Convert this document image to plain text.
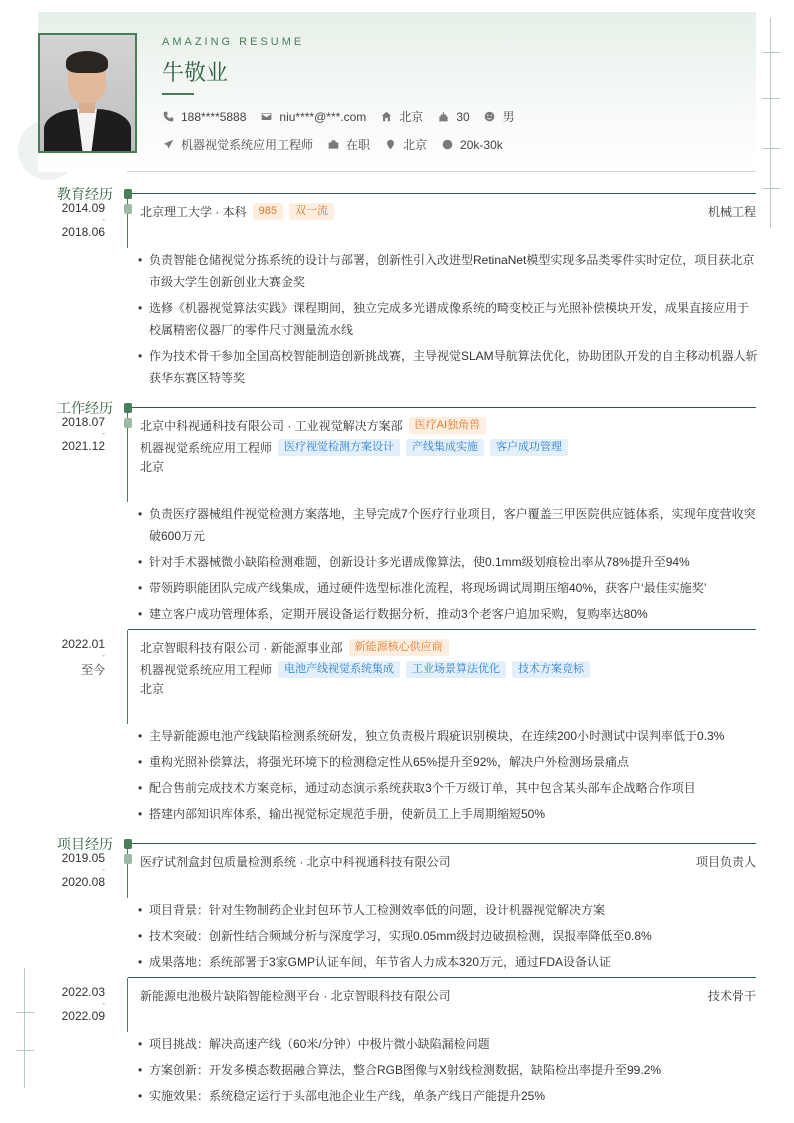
AMAZING RESUME
牛敬业
188****5888	niu****@***.com	北京	30	男
机器视觉系统应用工程师	在职	北京	20k-30k
教育经历
2014.09
-
2018.06
北京理工大学 · 本科	985	双一流	机械工程
• 负责智能仓储视觉分拣系统的设计与部署，创新性引入改进型RetinaNet模型实现多品类零件实时定位，项目获北京市级大学生创新创业大赛金奖
• 选修《机器视觉算法实践》课程期间，独立完成多光谱成像系统的畸变校正与光照补偿模块开发，成果直接应用于校属精密仪器厂的零件尺寸测量流水线
• 作为技术骨干参加全国高校智能制造创新挑战赛，主导视觉SLAM导航算法优化，协助团队开发的自主移动机器人斩获华东赛区特等奖
工作经历
2018.07
-
2021.12
北京中科视通科技有限公司 · 工业视觉解决方案部	医疗AI独角兽
机器视觉系统应用工程师	医疗视觉检测方案设计	产线集成实施	客户成功管理
北京
• 负责医疗器械组件视觉检测方案落地，主导完成7个医疗行业项目，客户覆盖三甲医院供应链体系，实现年度营收突破600万元
• 针对手术器械微小缺陷检测难题，创新设计多光谱成像算法，使0.1mm级划痕检出率从78%提升至94%
• 带领跨职能团队完成产线集成，通过硬件选型标准化流程，将现场调试周期压缩40%，获客户‘最佳实施奖’
• 建立客户成功管理体系，定期开展设备运行数据分析，推动3个老客户追加采购，复购率达80%
2022.01
-
至今
北京智眼科技有限公司 · 新能源事业部	新能源核心供应商
机器视觉系统应用工程师	电池产线视觉系统集成	工业场景算法优化	技术方案竞标
北京
• 主导新能源电池产线缺陷检测系统研发，独立负责极片瑕疵识别模块，在连续200小时测试中误判率低于0.3%
• 重构光照补偿算法，将强光环境下的检测稳定性从65%提升至92%，解决户外检测场景痛点
• 配合售前完成技术方案竞标，通过动态演示系统获取3个千万级订单，其中包含某头部车企战略合作项目
• 搭建内部知识库体系，输出视觉标定规范手册，使新员工上手周期缩短50%
项目经历
2019.05
-
2020.08
医疗试剂盒封包质量检测系统 · 北京中科视通科技有限公司	项目负责人
• 项目背景：针对生物制药企业封包环节人工检测效率低的问题，设计机器视觉解决方案
• 技术突破：创新性结合频域分析与深度学习，实现0.05mm级封边破损检测，误报率降低至0.8%
• 成果落地：系统部署于3家GMP认证车间，年节省人力成本320万元，通过FDA设备认证
2022.03
-
2022.09
新能源电池极片缺陷智能检测平台 · 北京智眼科技有限公司	技术骨干
• 项目挑战：解决高速产线（60米/分钟）中极片微小缺陷漏检问题
• 方案创新：开发多模态数据融合算法，整合RGB图像与X射线检测数据，缺陷检出率提升至99.2%
• 实施效果：系统稳定运行于头部电池企业生产线，单条产线日产能提升25%
